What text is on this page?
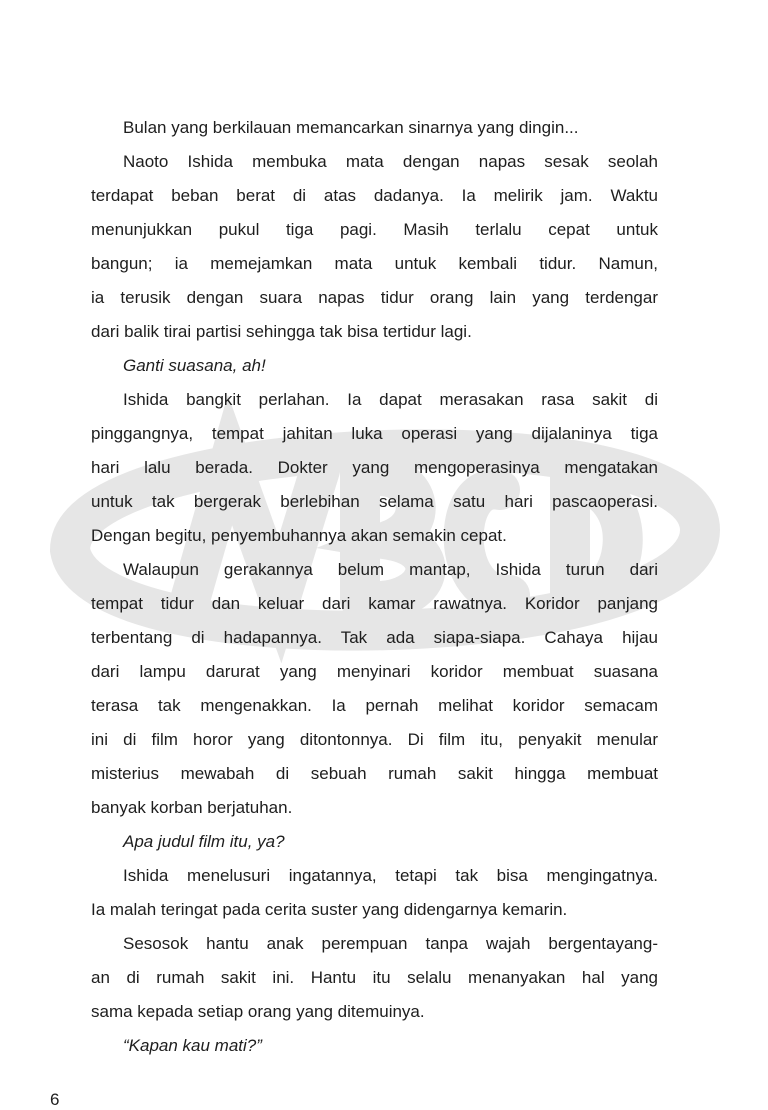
Bulan yang berkilauan memancarkan sinarnya yang dingin...
Naoto Ishida membuka mata dengan napas sesak seolah
terdapat beban berat di atas dadanya. Ia melirik jam. Waktu
menunjukkan pukul tiga pagi. Masih terlalu cepat untuk
bangun; ia memejamkan mata untuk kembali tidur. Namun,
ia terusik dengan suara napas tidur orang lain yang terdengar
dari balik tirai partisi sehingga tak bisa tertidur lagi.
Ganti suasana, ah!
Ishida bangkit perlahan. Ia dapat merasakan rasa sakit di
pinggangnya, tempat jahitan luka operasi yang dijalaninya tiga
hari lalu berada. Dokter yang mengoperasinya mengatakan
untuk tak bergerak berlebihan selama satu hari pascaoperasi.
Dengan begitu, penyembuhannya akan semakin cepat.
Walaupun gerakannya belum mantap, Ishida turun dari
tempat tidur dan keluar dari kamar rawatnya. Koridor panjang
terbentang di hadapannya. Tak ada siapa-siapa. Cahaya hijau
dari lampu darurat yang menyinari koridor membuat suasana
terasa tak mengenakkan. Ia pernah melihat koridor semacam
ini di film horor yang ditontonnya. Di film itu, penyakit menular
misterius mewabah di sebuah rumah sakit hingga membuat
banyak korban berjatuhan.
Apa judul film itu, ya?
Ishida menelusuri ingatannya, tetapi tak bisa mengingatnya.
Ia malah teringat pada cerita suster yang didengarnya kemarin.
Sesosok hantu anak perempuan tanpa wajah bergentayang-
an di rumah sakit ini. Hantu itu selalu menanyakan hal yang
sama kepada setiap orang yang ditemuinya.
“Kapan kau mati?”
6
